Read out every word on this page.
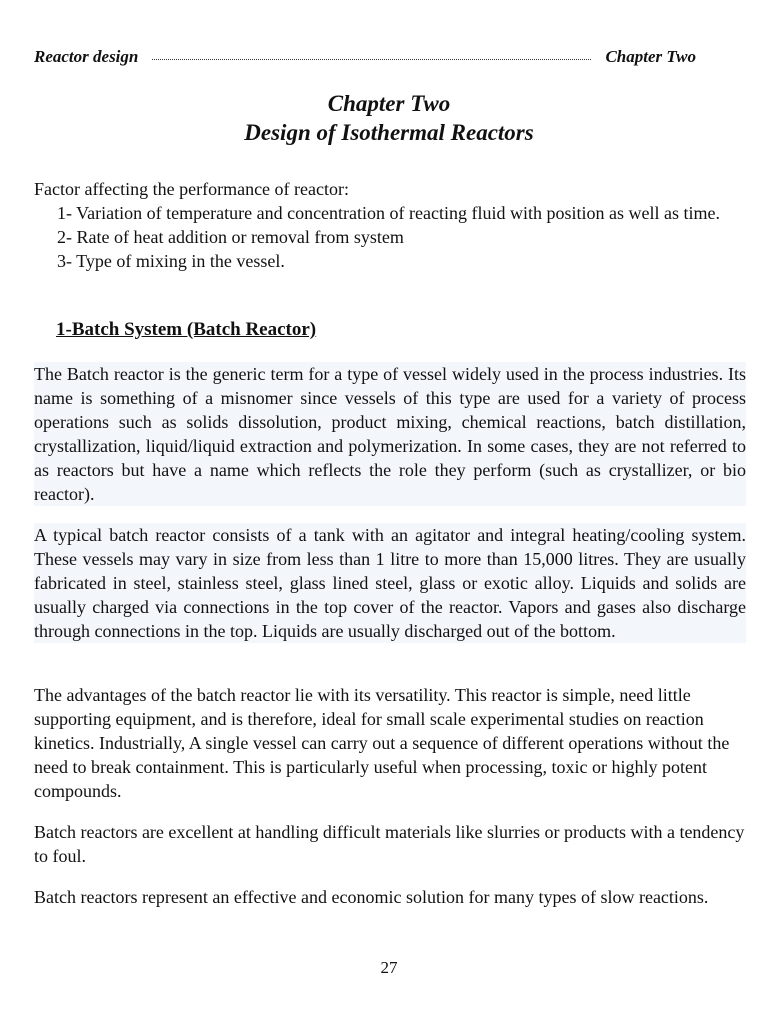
Reactor design	Chapter Two
Chapter Two
Design of Isothermal Reactors
Factor affecting the performance of reactor:
1- Variation of temperature and concentration of reacting fluid with position as well as time.
2- Rate of heat addition or removal from system
3- Type of mixing in the vessel.
1-Batch System (Batch Reactor)

The Batch reactor is the generic term for a type of vessel widely used in the process industries. Its name is something of a misnomer since vessels of this type are used for a variety of process operations such as solids dissolution, product mixing, chemical reactions, batch distillation, crystallization, liquid/liquid extraction and polymerization. In some cases, they are not referred to as reactors but have a name which reflects the role they perform (such as crystallizer, or bio reactor).

A typical batch reactor consists of a tank with an agitator and integral heating/cooling system. These vessels may vary in size from less than 1 litre to more than 15,000 litres. They are usually fabricated in steel, stainless steel, glass lined steel, glass or exotic alloy. Liquids and solids are usually charged via connections in the top cover of the reactor. Vapors and gases also discharge through connections in the top. Liquids are usually discharged out of the bottom.

The advantages of the batch reactor lie with its versatility. This reactor is simple, need little supporting equipment, and is therefore, ideal for small scale experimental studies on reaction kinetics. Industrially, A single vessel can carry out a sequence of different operations without the need to break containment. This is particularly useful when processing, toxic or highly potent compounds.

Batch reactors are excellent at handling difficult materials like slurries or products with a tendency to foul.

Batch reactors represent an effective and economic solution for many types of slow reactions.

27
